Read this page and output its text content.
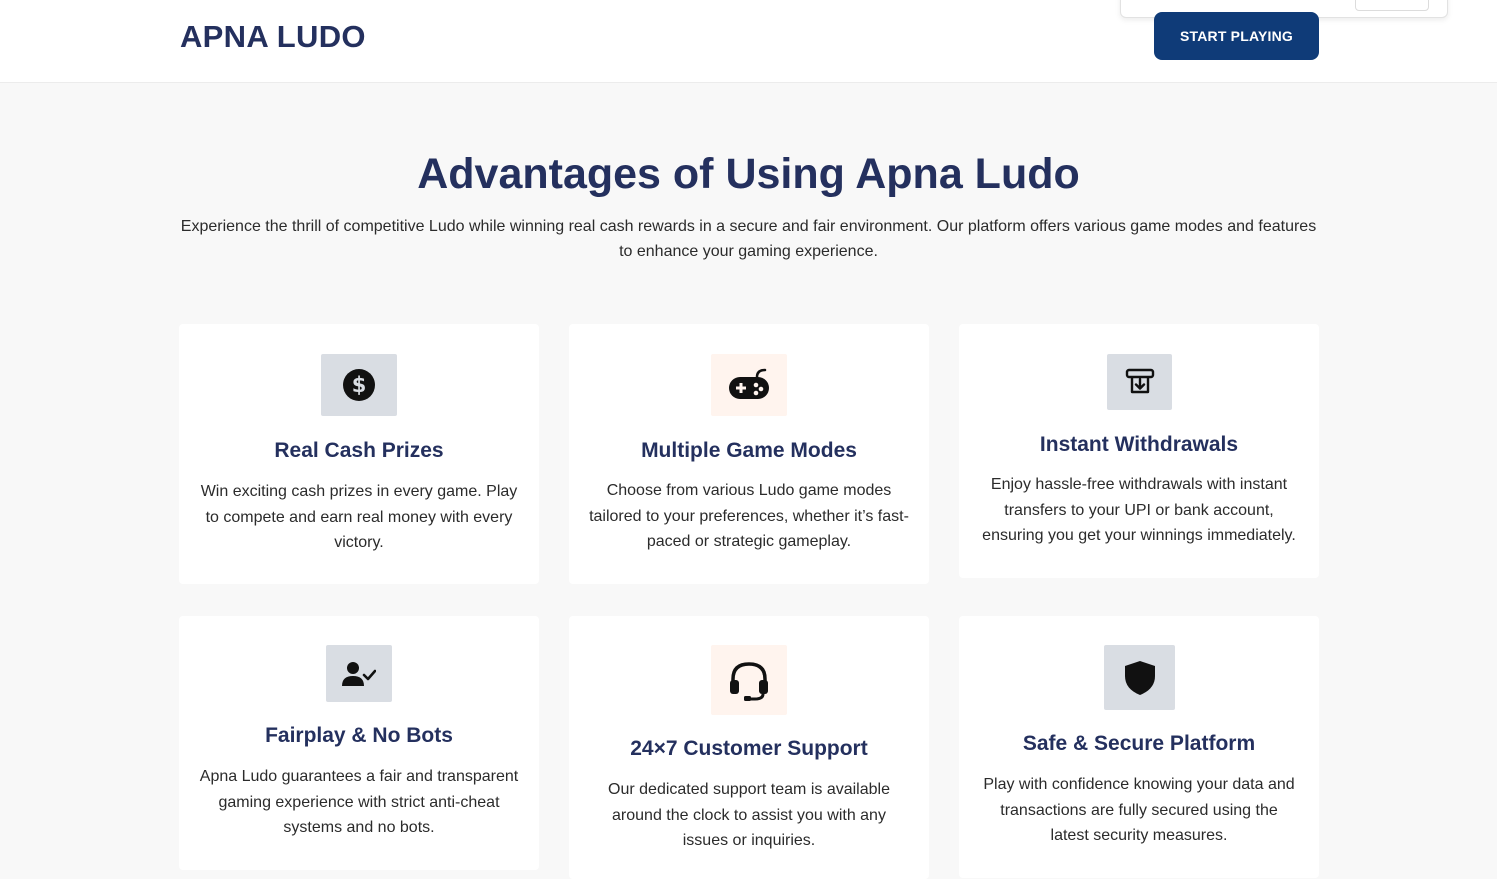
APNA LUDO	START PLAYING
Advantages of Using Apna Ludo

Experience the thrill of competitive Ludo while winning real cash rewards in a secure and fair environment. Our platform offers various game modes and features to enhance your gaming experience.

$
Real Cash Prizes
Win exciting cash prizes in every game. Play to compete and earn real money with every victory.
Multiple Game Modes
Choose from various Ludo game modes tailored to your preferences, whether it’s fast-paced or strategic gameplay.
Instant Withdrawals
Enjoy hassle-free withdrawals with instant transfers to your UPI or bank account, ensuring you get your winnings immediately.
Fairplay & No Bots
Apna Ludo guarantees a fair and transparent gaming experience with strict anti-cheat systems and no bots.
24×7 Customer Support
Our dedicated support team is available around the clock to assist you with any issues or inquiries.
Safe & Secure Platform
Play with confidence knowing your data and transactions are fully secured using the latest security measures.
